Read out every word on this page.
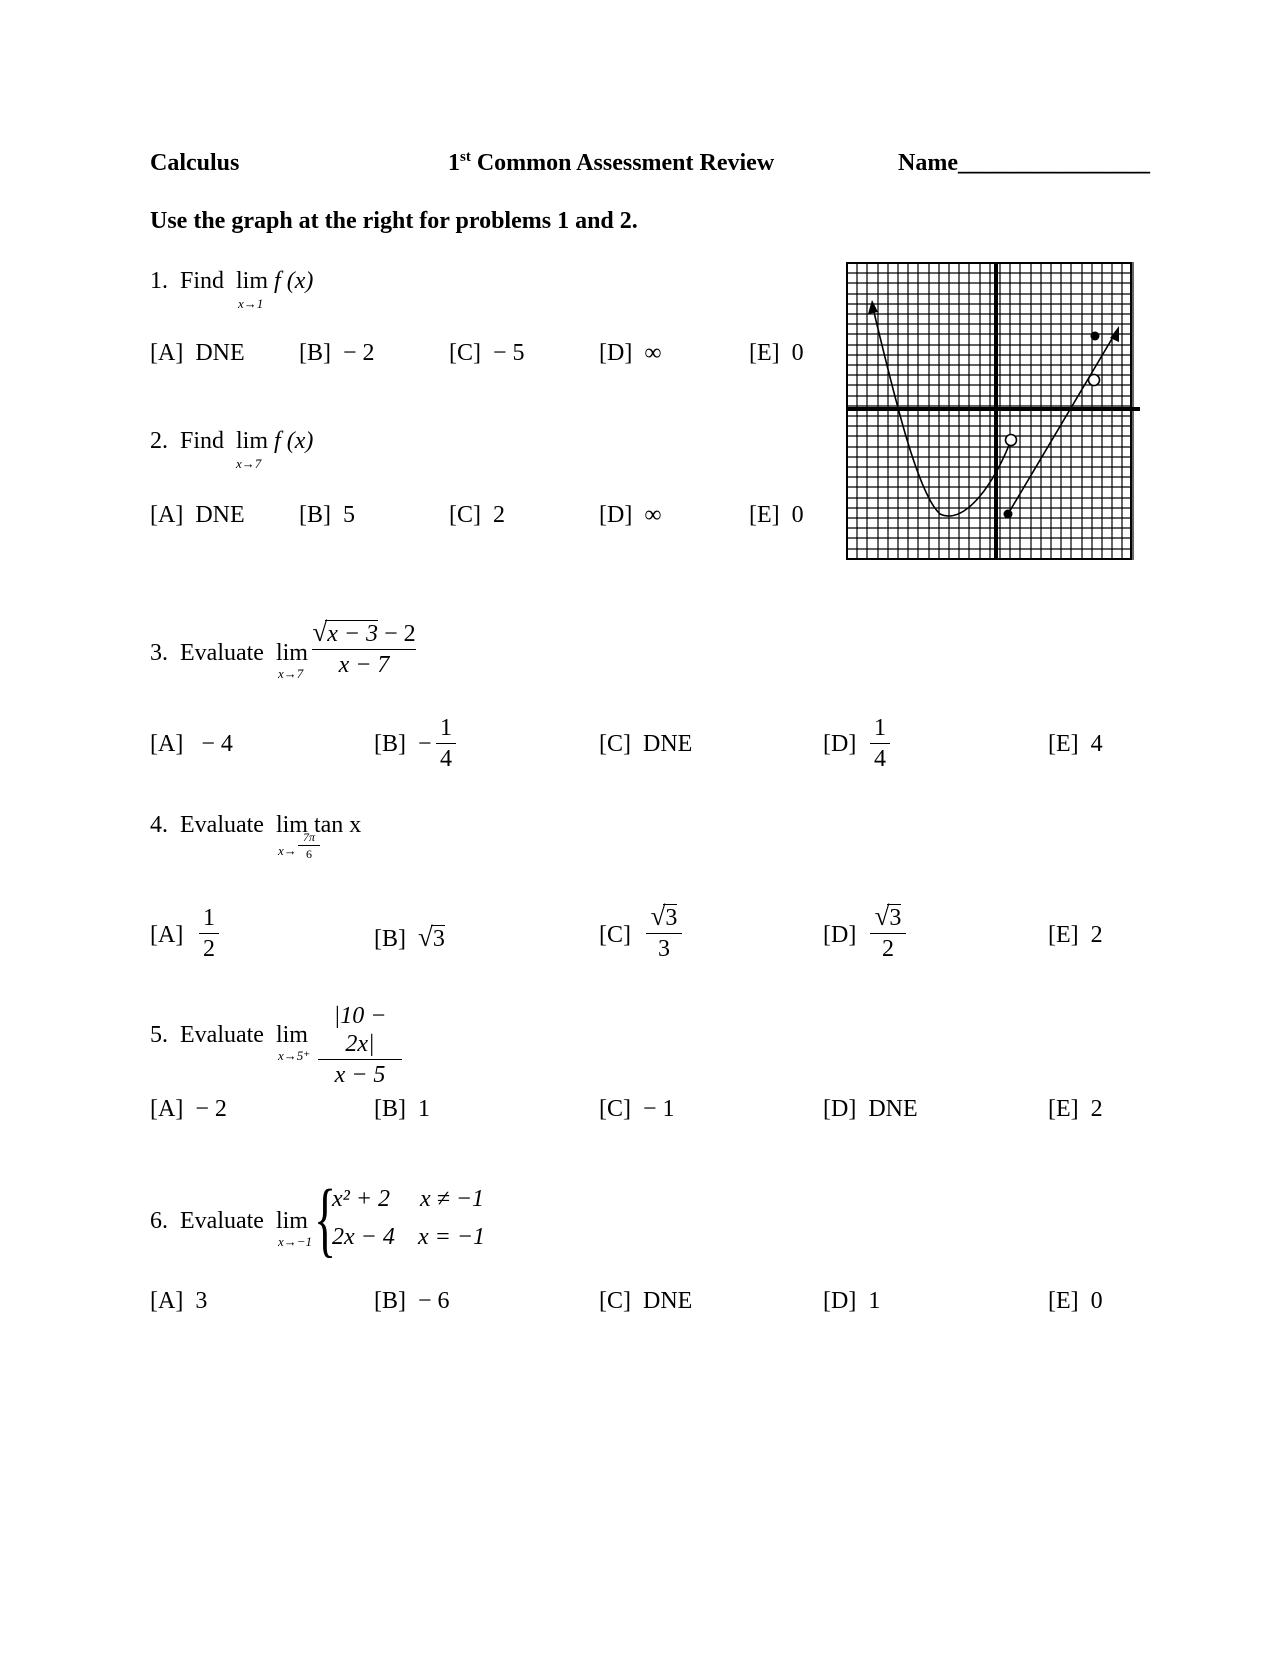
Calculus	1st Common Assessment Review	Name________________
Use the graph at the right for problems 1 and 2.
1. Find lim f (x)
x→1
[A] DNE [B] − 2	[C] − 5	[D] ∞	[E] 0
2. Find lim f (x)
x→7
[A] DNE [B] 5	[C] 2	[D] ∞	[E] 0
3. Evaluate lim
x→7
√x − 3 − 2
x − 7
[A] − 4	[B] −
1
4
[C] DNE	[D]
1
4
[E] 4
4. Evaluate lim tan x
x→
7π
6
[A]
1
2	[B] √3	[C]
√3
3
[D]
√3
2
[E] 2
5. Evaluate lim
x→5⁺
|10 − 2x|
x − 5
[A] − 2	[B] 1	[C] − 1	[D] DNE	[E] 2
6. Evaluate lim
x→−1 {
x² + 2 x ≠ −1
2x − 4 x = −1
[A] 3	[B] − 6	[C] DNE	[D] 1	[E] 0
